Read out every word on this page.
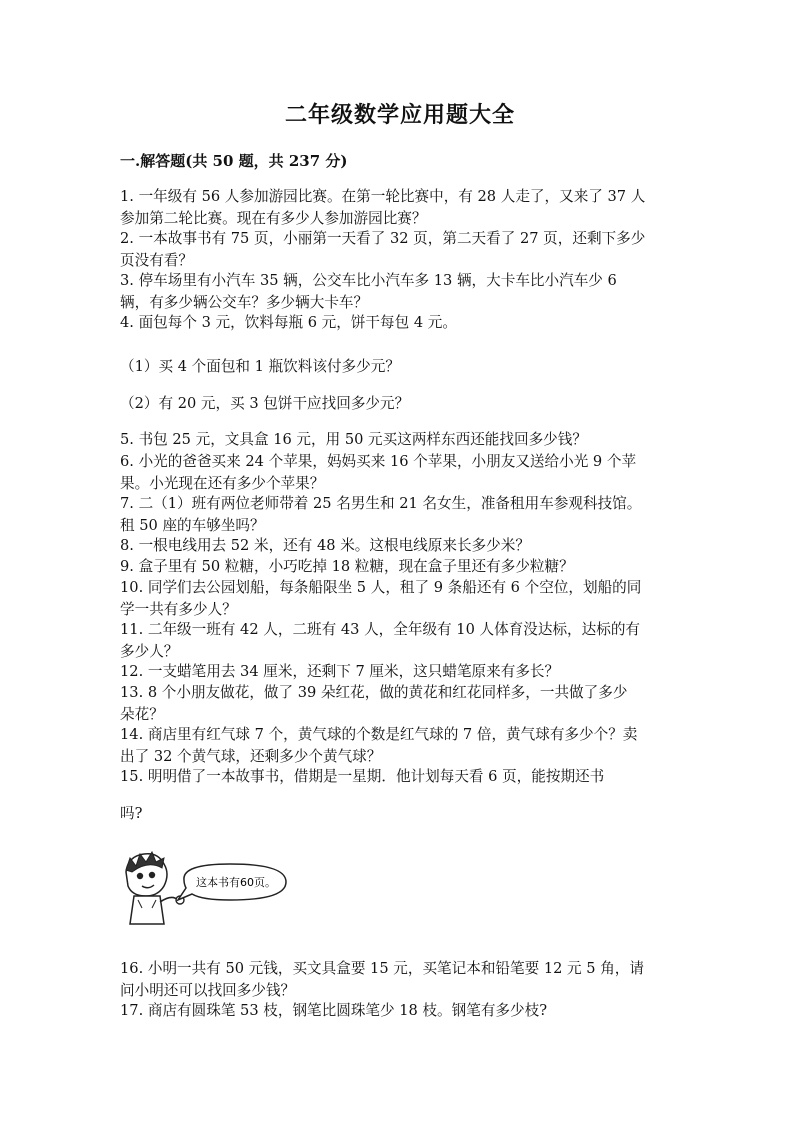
二年级数学应用题大全
一.解答题(共 50 题，共 237 分)
1. 一年级有 56 人参加游园比赛。在第一轮比赛中，有 28 人走了，又来了 37 人
参加第二轮比赛。现在有多少人参加游园比赛？
2. 一本故事书有 75 页，小丽第一天看了 32 页，第二天看了 27 页，还剩下多少
页没有看？
3. 停车场里有小汽车 35 辆，公交车比小汽车多 13 辆，大卡车比小汽车少 6
辆，有多少辆公交车？多少辆大卡车？
4. 面包每个 3 元，饮料每瓶 6 元，饼干每包 4 元。
（1）买 4 个面包和 1 瓶饮料该付多少元？
（2）有 20 元，买 3 包饼干应找回多少元？
5. 书包 25 元，文具盒 16 元，用 50 元买这两样东西还能找回多少钱？
6. 小光的爸爸买来 24 个苹果，妈妈买来 16 个苹果，小朋友又送给小光 9 个苹
果。小光现在还有多少个苹果？
7. 二（1）班有两位老师带着 25 名男生和 21 名女生，准备租用车参观科技馆。
租 50 座的车够坐吗？
8. 一根电线用去 52 米，还有 48 米。这根电线原来长多少米？
9. 盒子里有 50 粒糖，小巧吃掉 18 粒糖，现在盒子里还有多少粒糖？
10. 同学们去公园划船，每条船限坐 5 人，租了 9 条船还有 6 个空位，划船的同
学一共有多少人？
11. 二年级一班有 42 人，二班有 43 人，全年级有 10 人体育没达标，达标的有
多少人？
12. 一支蜡笔用去 34 厘米，还剩下 7 厘米，这只蜡笔原来有多长？
13. 8 个小朋友做花，做了 39 朵红花，做的黄花和红花同样多，一共做了多少
朵花？
14. 商店里有红气球 7 个，黄气球的个数是红气球的 7 倍，黄气球有多少个？卖
出了 32 个黄气球，还剩多少个黄气球？
15. 明明借了一本故事书，借期是一星期．他计划每天看 6 页，能按期还书
吗?
这本书有60页。
16. 小明一共有 50 元钱，买文具盒要 15 元，买笔记本和铅笔要 12 元 5 角，请
问小明还可以找回多少钱？
17. 商店有圆珠笔 53 枝，钢笔比圆珠笔少 18 枝。钢笔有多少枝?
